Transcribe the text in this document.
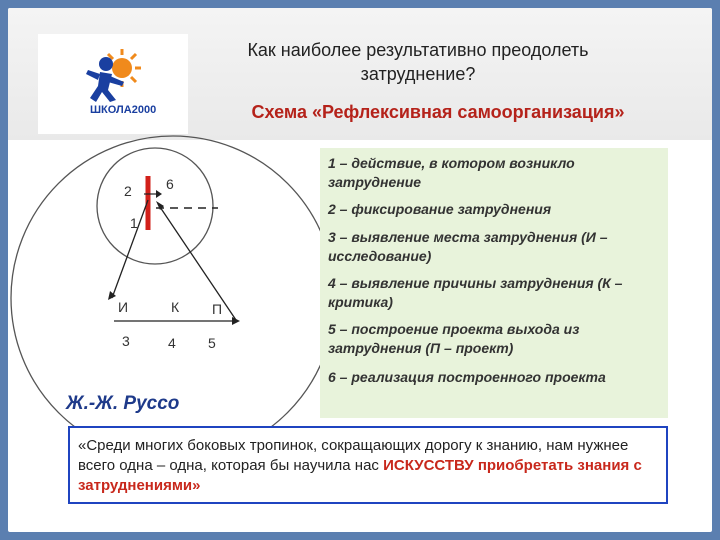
ШКОЛА2000
Как наиболее результативно преодолеть
затруднение?
Схема «Рефлексивная самоорганизация»
2 6
1
И	К П
3	4 5
Ж.-Ж. Руссо
1 – действие, в котором возникло затруднение
2 – фиксирование затруднения
3 – выявление места затруднения (И – исследование)
4 – выявление причины затруднения (К – критика)
5 – построение проекта выхода из затруднения (П – проект)
6 – реализация построенного проекта
«Среди многих боковых тропинок, сокращающих дорогу к знанию, нам нужнее всего одна – одна, которая бы научила нас ИСКУССТВУ приобретать знания с затруднениями»
